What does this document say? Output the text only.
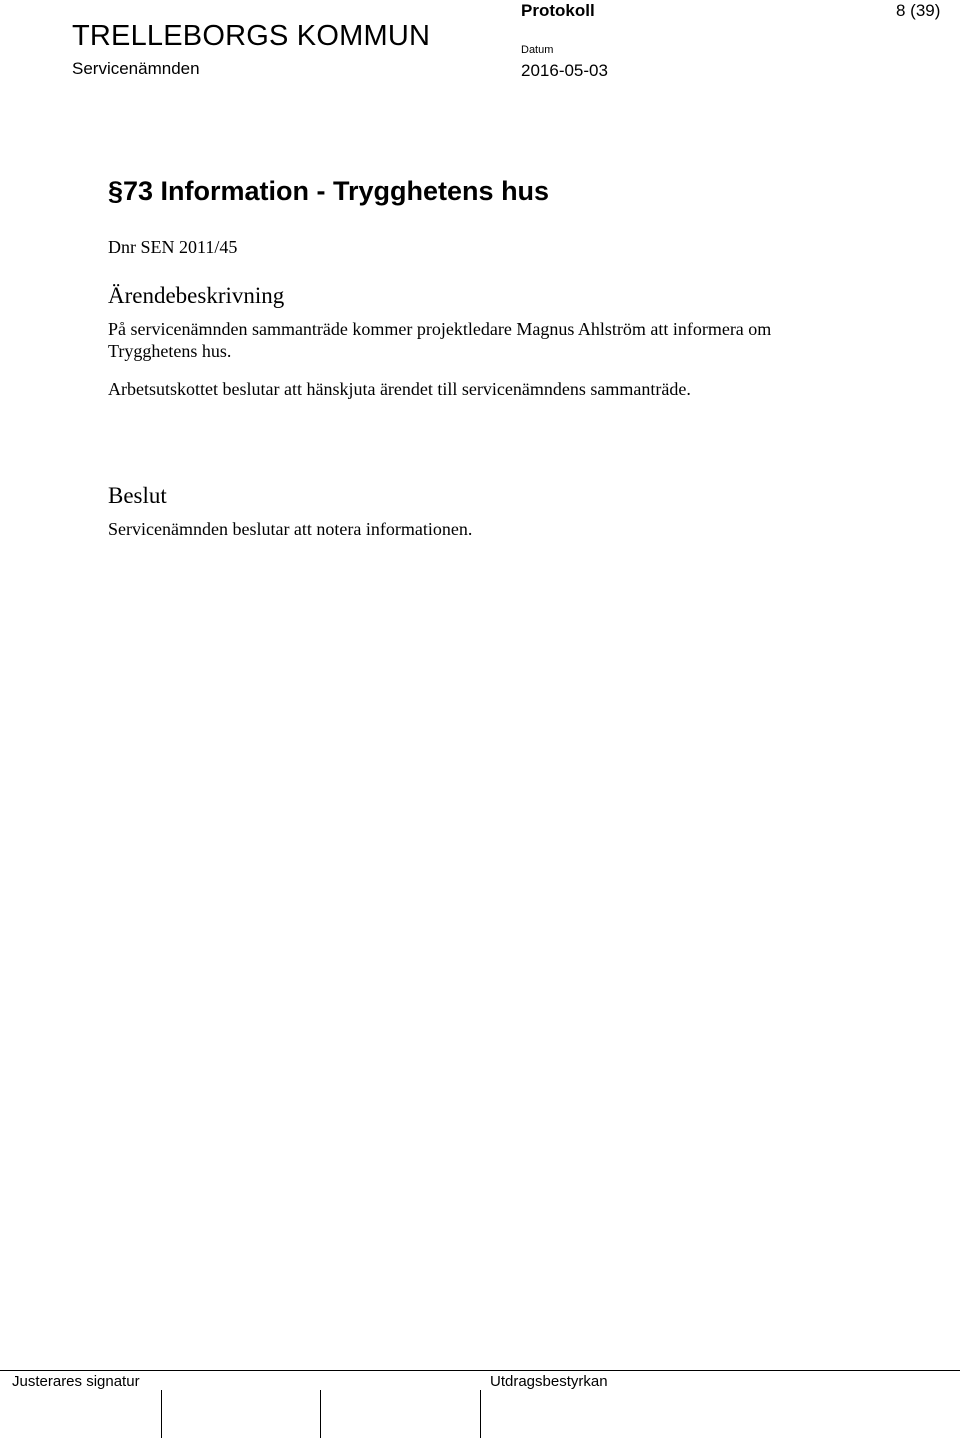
TRELLEBORGS KOMMUN
Servicenämnden
Protokoll	8 (39)
Datum
2016-05-03
§73 Information - Trygghetens hus
Dnr SEN 2011/45
Ärendebeskrivning

På servicenämnden sammanträde kommer projektledare Magnus Ahlström att informera om Trygghetens hus.

Arbetsutskottet beslutar att hänskjuta ärendet till servicenämndens sammanträde.

Beslut

Servicenämnden beslutar att notera informationen.

Justerares signatur	Utdragsbestyrkan
